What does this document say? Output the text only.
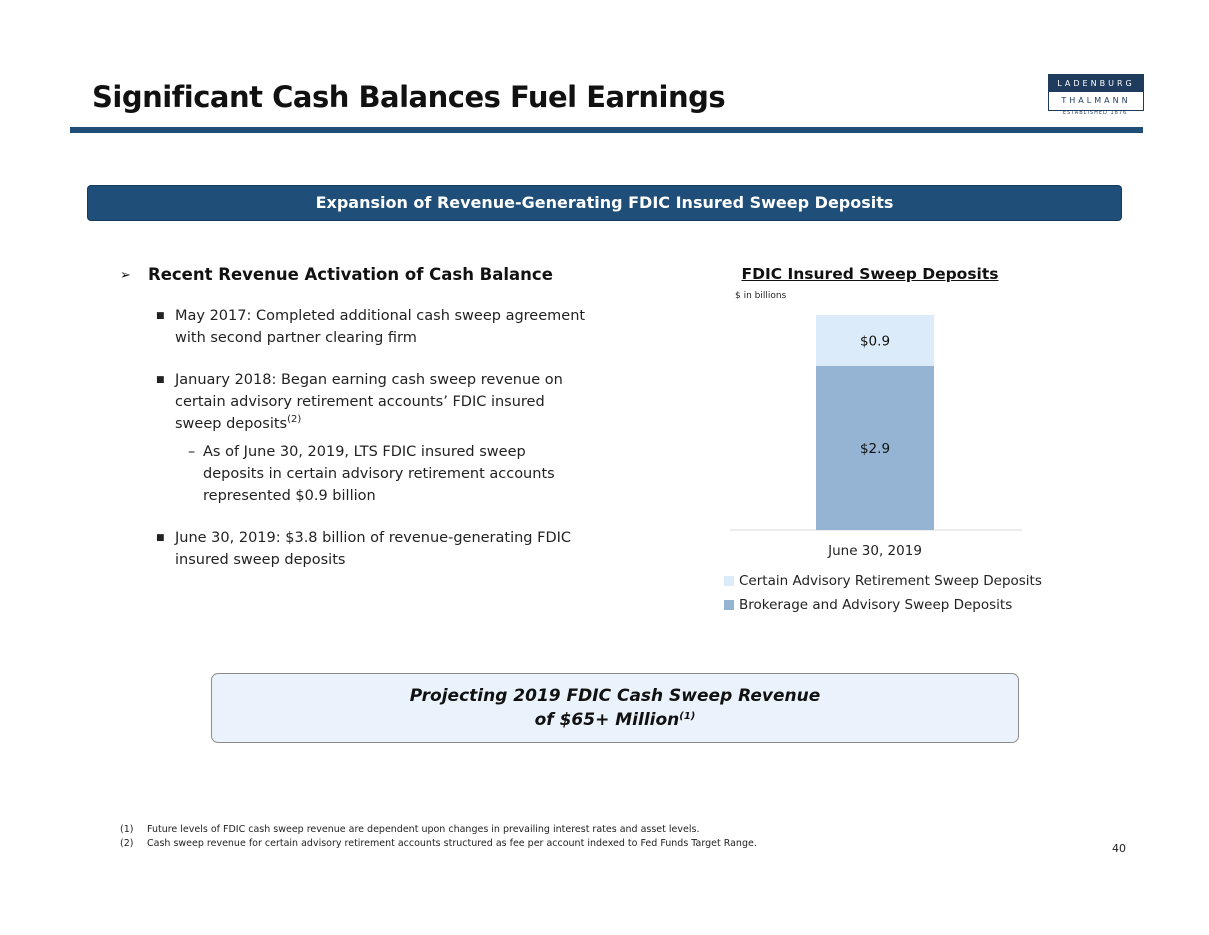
Significant Cash Balances Fuel Earnings	LADENBURG
THALMANN
ESTABLISHED 1876
Expansion of Revenue-Generating FDIC Insured Sweep Deposits
➢	Recent Revenue Activation of Cash Balance
■ May 2017: Completed additional cash sweep agreement with second partner clearing firm
■ January 2018: Began earning cash sweep revenue on certain advisory retirement accounts’ FDIC insured sweep deposits$^{(2)}$
– As of June 30, 2019, LTS FDIC insured sweep deposits in certain advisory retirement accounts represented $0.9 billion
■ June 30, 2019: $3.8 billion of revenue-generating FDIC insured sweep deposits
FDIC Insured Sweep Deposits
$ in billions
$2.9
$0.9
June 30, 2019
Certain Advisory Retirement Sweep Deposits
Brokerage and Advisory Sweep Deposits
Projecting 2019 FDIC Cash Sweep Revenue
of $65+ Million$^{(1)}$
(1)	Future levels of FDIC cash sweep revenue are dependent upon changes in prevailing interest rates and asset levels.
(2)	Cash sweep revenue for certain advisory retirement accounts structured as fee per account indexed to Fed Funds Target Range.	40
